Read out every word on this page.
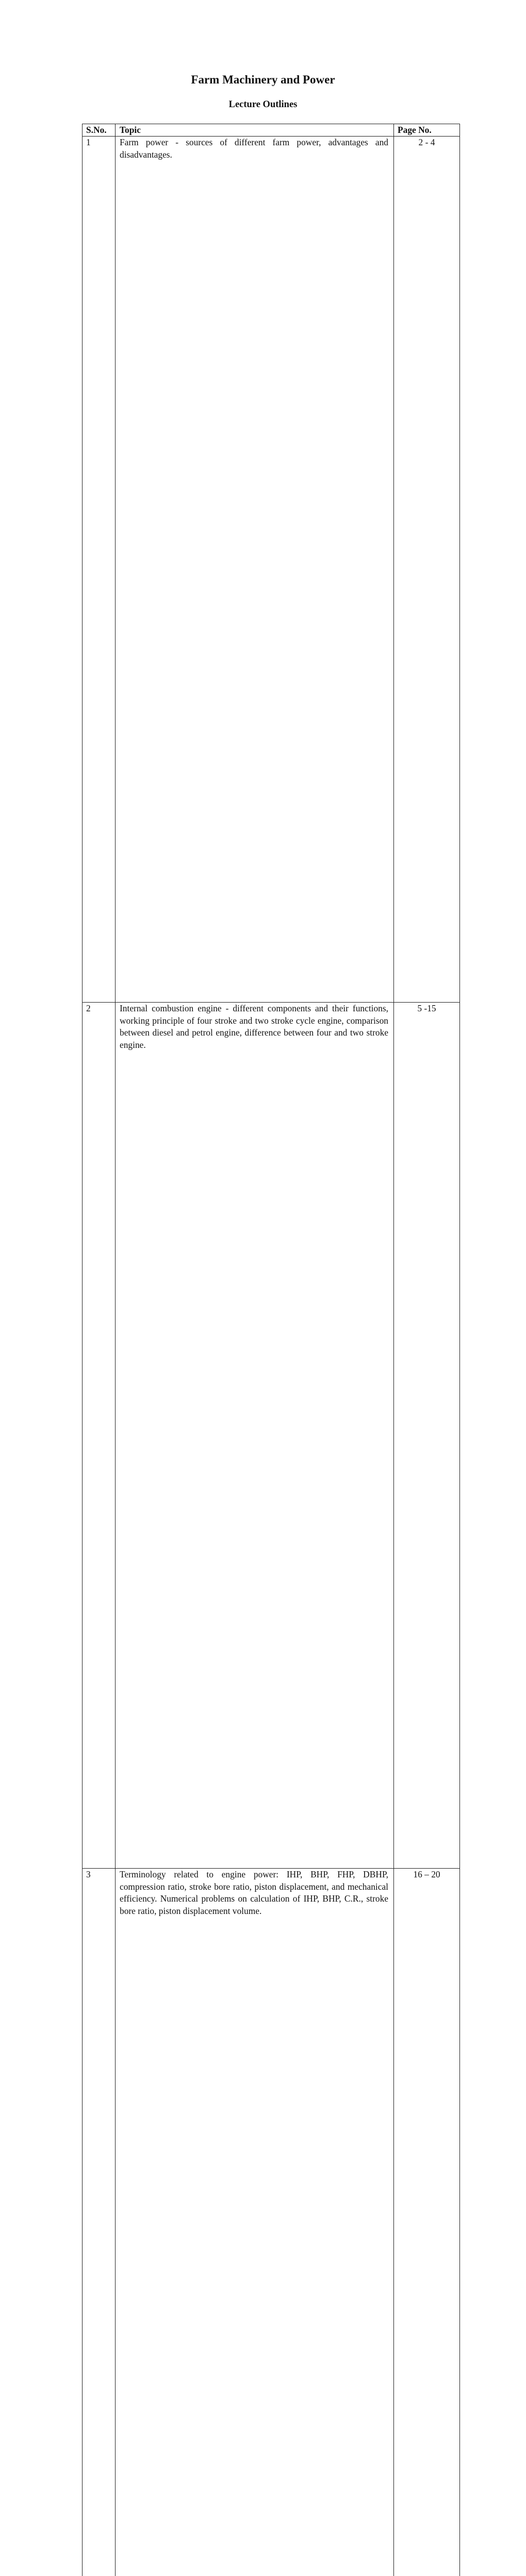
Farm Machinery and Power
Lecture Outlines
S.No.	Topic	Page No.
1	Farm power - sources of different farm power, advantages and disadvantages.	2 - 4
2	Internal combustion engine - different components and their functions, working principle of four stroke and two stroke cycle engine, comparison between diesel and petrol engine, difference between four and two stroke engine.	5 -15
3	Terminology related to engine power: IHP, BHP, FHP, DBHP, compression ratio, stroke bore ratio, piston displacement, and mechanical efficiency. Numerical problems on calculation of IHP, BHP, C.R., stroke bore ratio, piston displacement volume.	16 – 20
